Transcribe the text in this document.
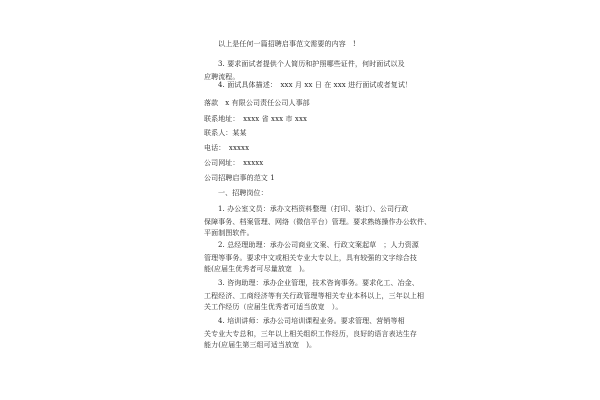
以上是任何一篇招聘启事范文需要的内容　!
3. 要求面试者提供个人简历和护照哪些证件，何时面试以及
应聘流程。
4. 面试具体描述：　xxx 月 xx 日 在 xxx 进行面试或者复试！
落款　x 有限公司责任公司人事部
联系地址：　xxxx 省 xxx 市 xxx
联系人：某某
电话：　xxxxx
公司网址：　xxxxx
公司招聘启事的范文 1
一、招聘岗位：
1. 办公室文员：承办文档资料整理（打印、装订）、公司行政
保障事务、档案管理、网络（微信平台）管理。要求熟练操作办公软件、
平面制图软件。
2. 总经理助理：承办公司商业文案、行政文案起草　；人力资源
管理等事务。要求中文或相关专业大专以上，具有较强的文字综合技
能(应届生优秀者可尽量放宽　)。
3. 咨询助理：承办企业管理，技术咨询事务。要求化工、冶金、
工程经济、工商经济等有关行政管理等相关专业本科以上，三年以上相
关工作经历（应届生优秀者可适当放宽　）。
4. 培训讲师：承办公司培训课程业务。要求管理、营销等相
关专业大专总和，三年以上相关组织工作经历，良好的语言表达生存
能力(应届生第三组可适当放宽　)。
